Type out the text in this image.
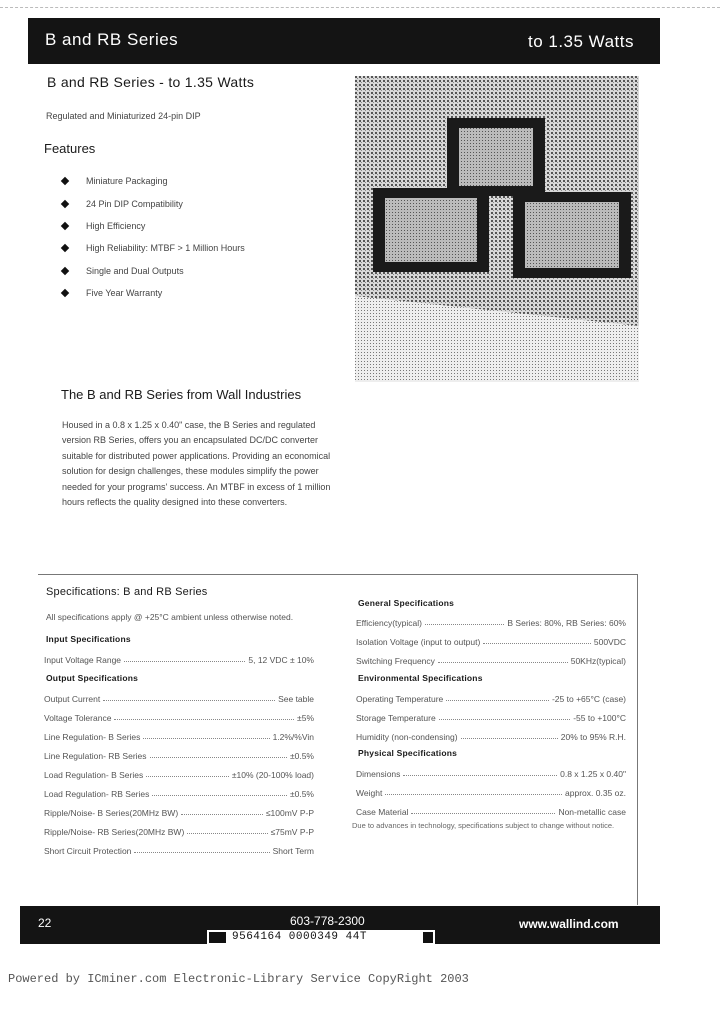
B and RB Series	to 1.35 Watts
B and RB Series - to 1.35 Watts
Regulated and Miniaturized 24-pin DIP
Features
Miniature Packaging
24 Pin DIP Compatibility
High Efficiency
High Reliability: MTBF > 1 Million Hours
Single and Dual Outputs
Five Year Warranty
The B and RB Series from Wall Industries

Housed in a 0.8 x 1.25 x 0.40" case, the B Series and regulated version RB Series, offers you an encapsulated DC/DC converter suitable for distributed power applications. Providing an economical solution for design challenges, these modules simplify the power needed for your programs' success. An MTBF in excess of 1 million hours reflects the quality designed into these converters.

Specifications: B and RB Series
All specifications apply @ +25°C ambient unless otherwise noted.
Input Specifications
Input Voltage Range	5, 12 VDC ± 10%
Output Specifications
Output Current	See table
Voltage Tolerance	±5%
Line Regulation- B Series	1.2%/%Vin
Line Regulation- RB Series	±0.5%
Load Regulation- B Series	±10% (20-100% load)
Load Regulation- RB Series	±0.5%
Ripple/Noise- B Series(20MHz BW)	≤100mV P-P
Ripple/Noise- RB Series(20MHz BW)	≤75mV P-P
Short Circuit Protection	Short Term
General Specifications
Efficiency(typical)	B Series: 80%, RB Series: 60%
Isolation Voltage (input to output)	500VDC
Switching Frequency	50KHz(typical)
Environmental Specifications
Operating Temperature	-25 to +65°C (case)
Storage Temperature	-55 to +100°C
Humidity (non-condensing)	20% to 95% R.H.
Physical Specifications
Dimensions	0.8 x 1.25 x 0.40"
Weight	approx. 0.35 oz.
Case Material	Non-metallic case
Due to advances in technology, specifications subject to change without notice.
22	603-778-2300	www.wallind.com
9564164 0000349 44T
Powered by ICminer.com Electronic-Library Service CopyRight 2003
